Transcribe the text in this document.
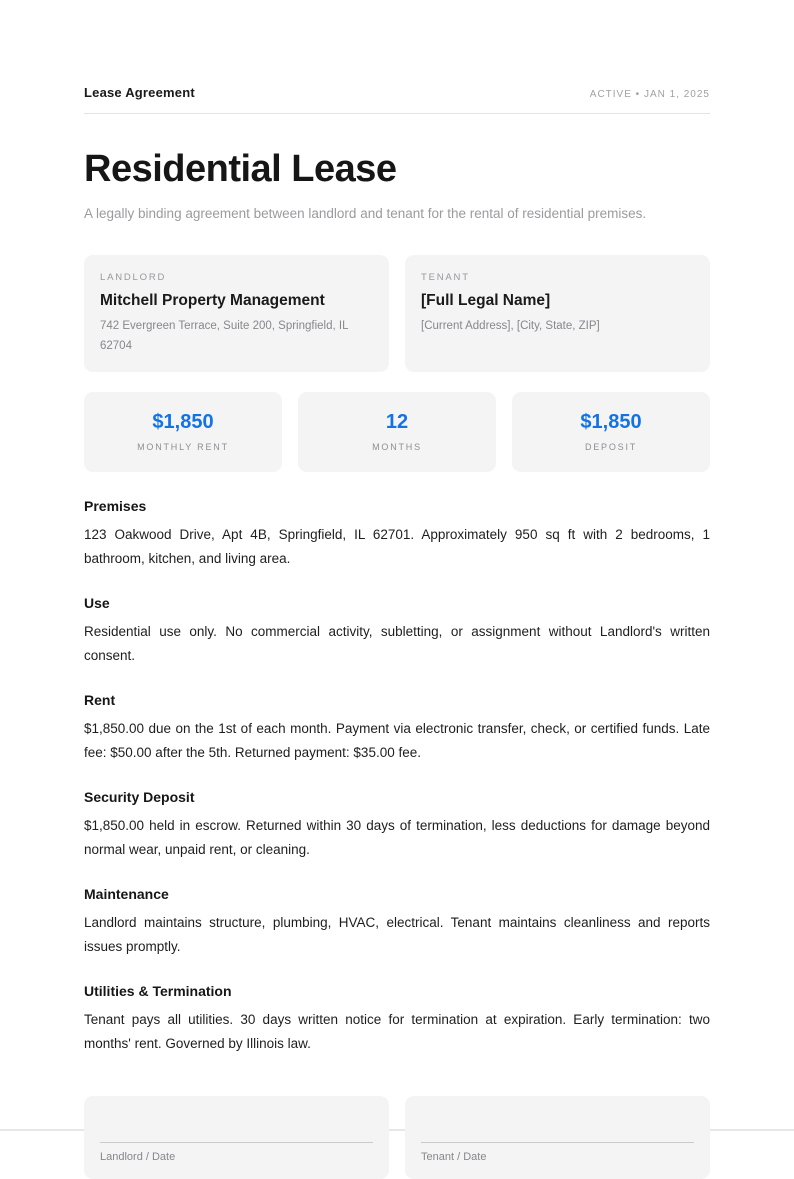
Lease Agreement	ACTIVE • JAN 1, 2025
Residential Lease

A legally binding agreement between landlord and tenant for the rental of residential premises.

LANDLORD
Mitchell Property Management
742 Evergreen Terrace, Suite 200, Springfield, IL 62704
TENANT
[Full Legal Name]
[Current Address], [City, State, ZIP]
$1,850
MONTHLY RENT
12
MONTHS
$1,850
DEPOSIT
Premises

123 Oakwood Drive, Apt 4B, Springfield, IL 62701. Approximately 950 sq ft with 2 bedrooms, 1 bathroom, kitchen, and living area.

Use

Residential use only. No commercial activity, subletting, or assignment without Landlord's written consent.

Rent

$1,850.00 due on the 1st of each month. Payment via electronic transfer, check, or certified funds. Late fee: $50.00 after the 5th. Returned payment: $35.00 fee.

Security Deposit

$1,850.00 held in escrow. Returned within 30 days of termination, less deductions for damage beyond normal wear, unpaid rent, or cleaning.

Maintenance

Landlord maintains structure, plumbing, HVAC, electrical. Tenant maintains cleanliness and reports issues promptly.

Utilities & Termination

Tenant pays all utilities. 30 days written notice for termination at expiration. Early termination: two months' rent. Governed by Illinois law.

Landlord / Date	Tenant / Date
